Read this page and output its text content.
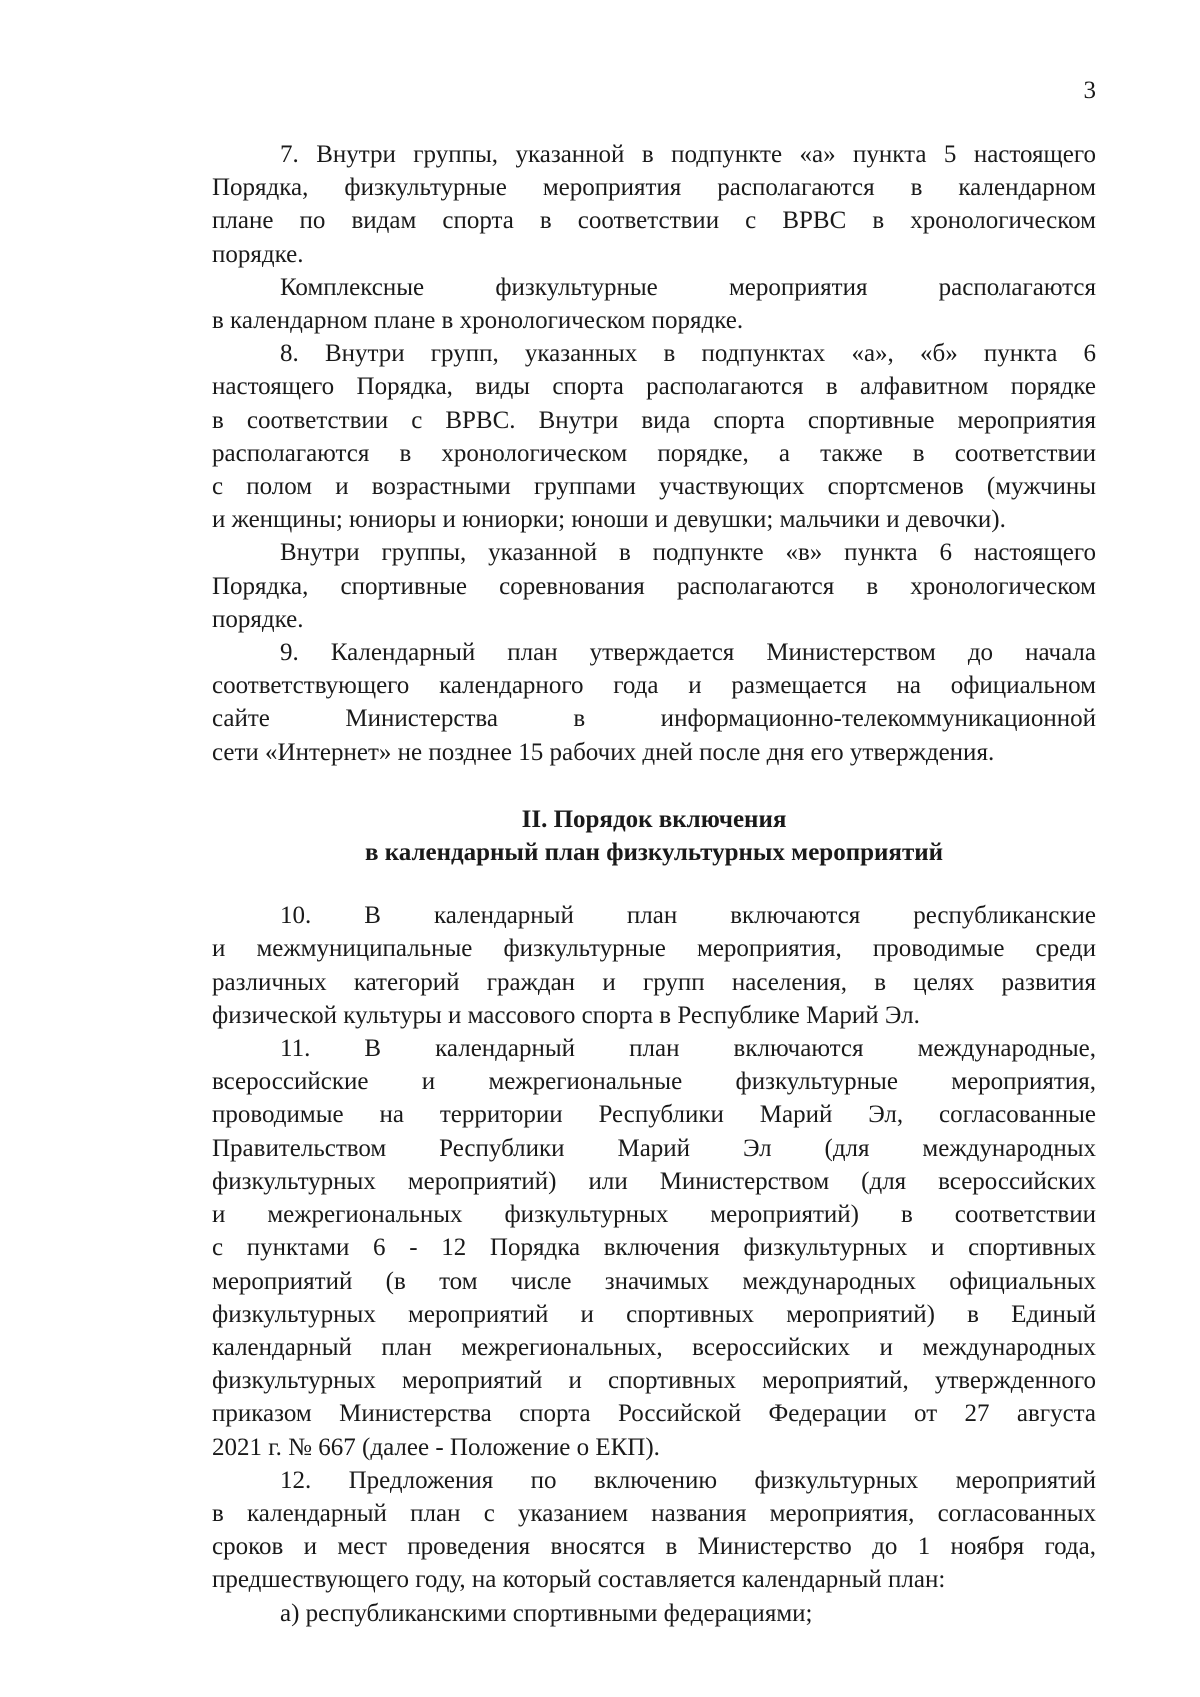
3
7. Внутри группы, указанной в подпункте «а» пункта 5 настоящего
Порядка, физкультурные мероприятия располагаются в календарном
плане по видам спорта в соответствии с ВРВС в хронологическом
порядке.
Комплексные физкультурные мероприятия располагаются
в календарном плане в хронологическом порядке.
8. Внутри групп, указанных в подпунктах «а», «б» пункта 6
настоящего Порядка, виды спорта располагаются в алфавитном порядке
в соответствии с ВРВС. Внутри вида спорта спортивные мероприятия
располагаются в хронологическом порядке, а также в соответствии
с полом и возрастными группами участвующих спортсменов (мужчины
и женщины; юниоры и юниорки; юноши и девушки; мальчики и девочки).
Внутри группы, указанной в подпункте «в» пункта 6 настоящего
Порядка, спортивные соревнования располагаются в хронологическом
порядке.
9. Календарный план утверждается Министерством до начала
соответствующего календарного года и размещается на официальном
сайте Министерства в информационно-телекоммуникационной
сети «Интернет» не позднее 15 рабочих дней после дня его утверждения.
II. Порядок включения
в календарный план физкультурных мероприятий
10. В календарный план включаются республиканские
и межмуниципальные физкультурные мероприятия, проводимые среди
различных категорий граждан и групп населения, в целях развития
физической культуры и массового спорта в Республике Марий Эл.
11. В календарный план включаются международные,
всероссийские и межрегиональные физкультурные мероприятия,
проводимые на территории Республики Марий Эл, согласованные
Правительством Республики Марий Эл (для международных
физкультурных мероприятий) или Министерством (для всероссийских
и межрегиональных физкультурных мероприятий) в соответствии
с пунктами 6 - 12 Порядка включения физкультурных и спортивных
мероприятий (в том числе значимых международных официальных
физкультурных мероприятий и спортивных мероприятий) в Единый
календарный план межрегиональных, всероссийских и международных
физкультурных мероприятий и спортивных мероприятий, утвержденного
приказом Министерства спорта Российской Федерации от 27 августа
2021 г. № 667 (далее - Положение о ЕКП).
12. Предложения по включению физкультурных мероприятий
в календарный план с указанием названия мероприятия, согласованных
сроков и мест проведения вносятся в Министерство до 1 ноября года,
предшествующего году, на который составляется календарный план:
а) республиканскими спортивными федерациями;
